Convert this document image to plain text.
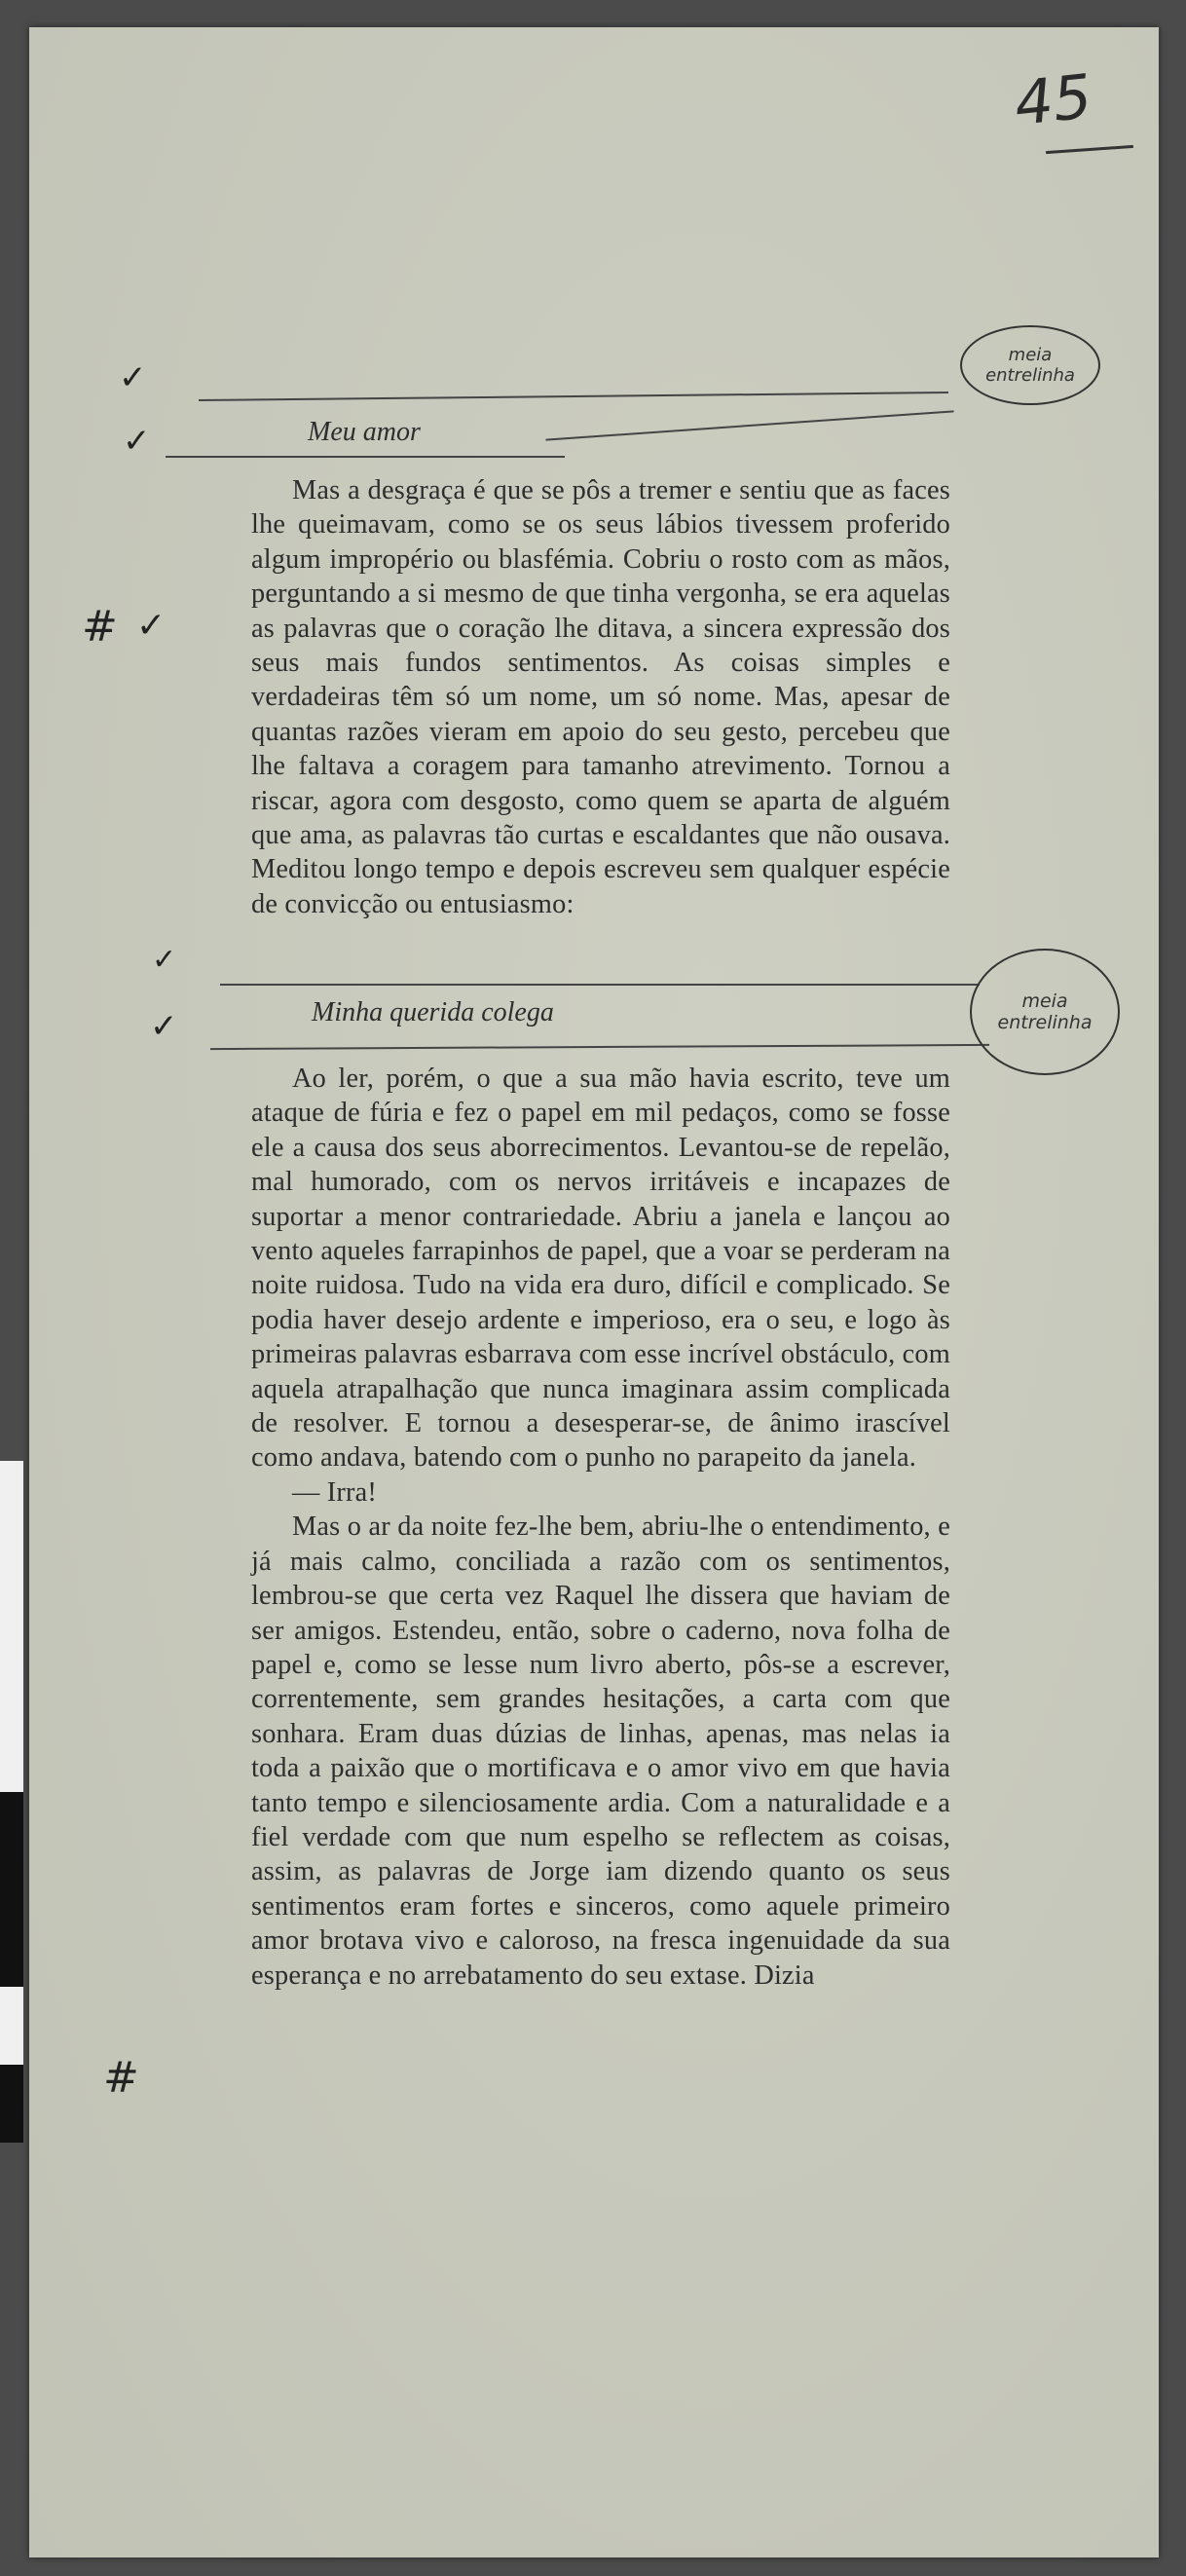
45
✓
✓	Meu amor
meia entrelinha

Mas a desgraça é que se pôs a tremer e sentiu que as faces lhe queimavam, como se os seus lábios tivessem proferido algum impropério ou blasfémia. Cobriu o rosto com as mãos, perguntando a si mesmo de que tinha vergonha, se era aquelas as palavras que o coração lhe ditava, a sincera expressão dos seus mais fundos sentimentos. As coisas simples e verdadeiras têm só um nome, um só nome. Mas, apesar de quantas razões vieram em apoio do seu gesto, percebeu que lhe faltava a coragem para tamanho atrevimento. Tornou a riscar, agora com desgosto, como quem se aparta de alguém que ama, as palavras tão curtas e escaldantes que não ousava. Meditou longo tempo e depois escreveu sem qualquer espécie de convicção ou entusiasmo:

# ✓
✓
✓	Minha querida colega	meia entrelinha

Ao ler, porém, o que a sua mão havia escrito, teve um ataque de fúria e fez o papel em mil pedaços, como se fosse ele a causa dos seus aborrecimentos. Levantou-se de repelão, mal humorado, com os nervos irritáveis e incapazes de suportar a menor contrariedade. Abriu a janela e lançou ao vento aqueles farrapinhos de papel, que a voar se perderam na noite ruidosa. Tudo na vida era duro, difícil e complicado. Se podia haver desejo ardente e imperioso, era o seu, e logo às primeiras palavras esbarrava com esse incrível obstáculo, com aquela atrapalhação que nunca imaginara assim complicada de resolver. E tornou a desesperar-se, de ânimo irascível como andava, batendo com o punho no parapeito da janela.

— Irra!

Mas o ar da noite fez-lhe bem, abriu-lhe o entendimento, e já mais calmo, conciliada a razão com os sentimentos, lembrou-se que certa vez Raquel lhe dissera que haviam de ser amigos. Estendeu, então, sobre o caderno, nova folha de papel e, como se lesse num livro aberto, pôs-se a escrever, correntemente, sem grandes hesitações, a carta com que sonhara. Eram duas dúzias de linhas, apenas, mas nelas ia toda a paixão que o mortificava e o amor vivo em que havia tanto tempo e silenciosamente ardia. Com a naturalidade e a fiel verdade com que num espelho se reflectem as coisas, assim, as palavras de Jorge iam dizendo quanto os seus sentimentos eram fortes e sinceros, como aquele primeiro amor brotava vivo e caloroso, na fresca ingenuidade da sua esperança e no arrebatamento do seu extase. Dizia

#
